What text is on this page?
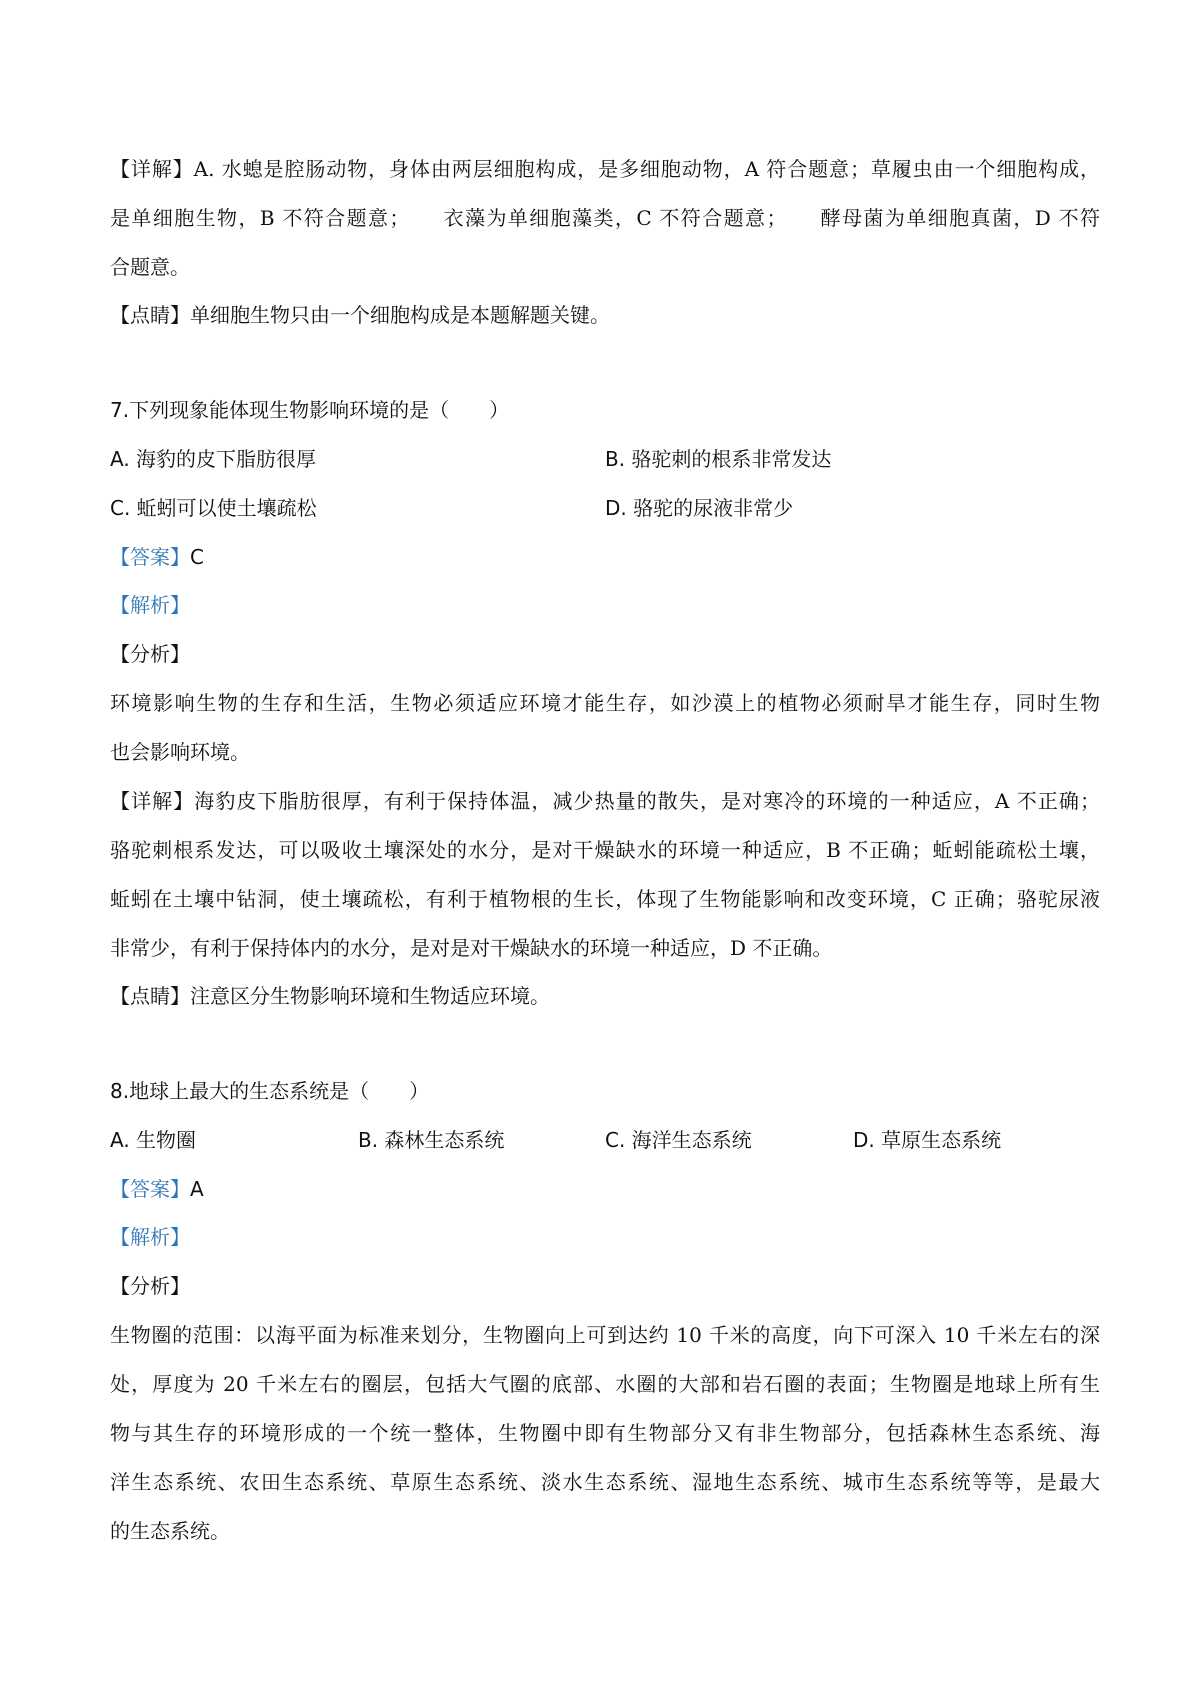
【详解】A. 水螅是腔肠动物，身体由两层细胞构成，是多细胞动物，A 符合题意；草履虫由一个细胞构成，
是单细胞生物，B 不符合题意；　　衣藻为单细胞藻类，C 不符合题意；　　酵母菌为单细胞真菌，D 不符
合题意。
【点睛】单细胞生物只由一个细胞构成是本题解题关键。
7.下列现象能体现生物影响环境的是（　　）
A. 海豹的皮下脂肪很厚	B. 骆驼刺的根系非常发达
C. 蚯蚓可以使土壤疏松	D. 骆驼的尿液非常少
【答案】C
【解析】
【分析】
环境影响生物的生存和生活，生物必须适应环境才能生存，如沙漠上的植物必须耐旱才能生存，同时生物
也会影响环境。
【详解】海豹皮下脂肪很厚，有利于保持体温，减少热量的散失，是对寒冷的环境的一种适应，A 不正确；
骆驼刺根系发达，可以吸收土壤深处的水分，是对干燥缺水的环境一种适应，B 不正确；蚯蚓能疏松土壤，
蚯蚓在土壤中钻洞，使土壤疏松，有利于植物根的生长，体现了生物能影响和改变环境，C 正确；骆驼尿液
非常少，有利于保持体内的水分，是对是对干燥缺水的环境一种适应，D 不正确。
【点睛】注意区分生物影响环境和生物适应环境。
8.地球上最大的生态系统是（　　）
A. 生物圈	B. 森林生态系统	C. 海洋生态系统	D. 草原生态系统
【答案】A
【解析】
【分析】
生物圈的范围：以海平面为标准来划分，生物圈向上可到达约 10 千米的高度，向下可深入 10 千米左右的深
处，厚度为 20 千米左右的圈层，包括大气圈的底部、水圈的大部和岩石圈的表面；生物圈是地球上所有生
物与其生存的环境形成的一个统一整体，生物圈中即有生物部分又有非生物部分，包括森林生态系统、海
洋生态系统、农田生态系统、草原生态系统、淡水生态系统、湿地生态系统、城市生态系统等等，是最大
的生态系统。
